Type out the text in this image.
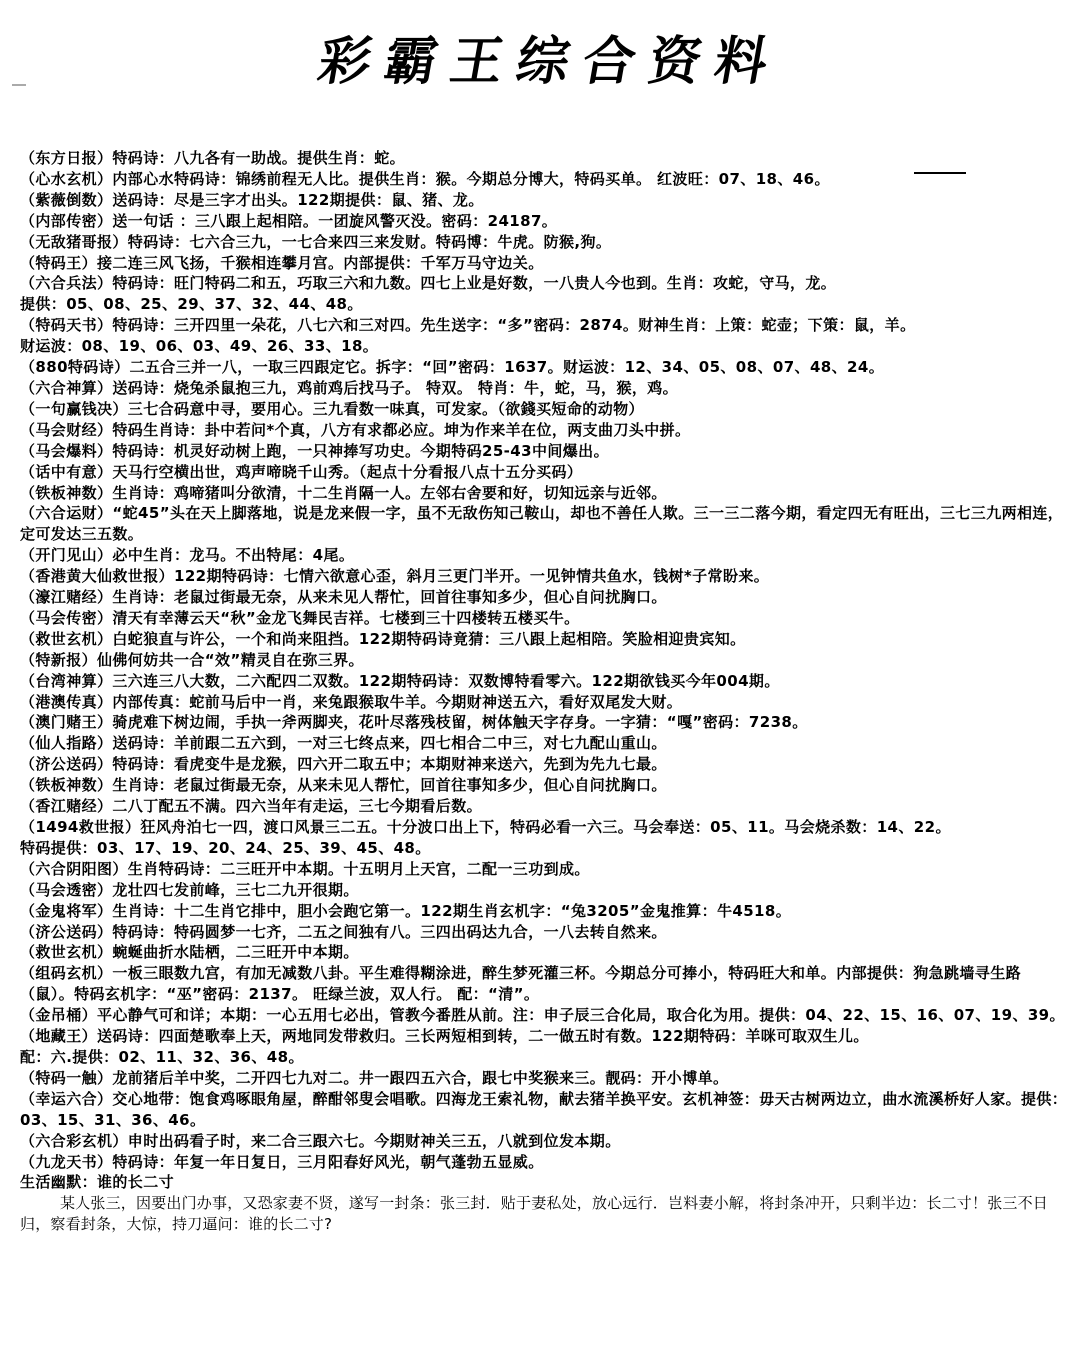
彩霸王综合资料
（东方日报）特码诗：八九各有一助战。提供生肖：蛇。
（心水玄机）内部心水特码诗：锦绣前程无人比。提供生肖：猴。今期总分博大，特码买单。 红波旺：07、18、46。
（紫薇倒数）送码诗：尽是三字才出头。122期提供：鼠、猪、龙。
（内部传密）送一句话 ：三八跟上起相陪。一团旋风警灭没。密码：24187。
（无敌猪哥报）特码诗：七六合三九，一七合来四三来发财。特码博：牛虎。防猴,狗。
（特码王）接二连三风飞扬，千猴相连攀月宫。内部提供：千军万马守边关。
（六合兵法）特码诗：旺门特码二和五，巧取三六和九数。四七上业是好数，一八贵人今也到。生肖：攻蛇，守马，龙。
提供：05、08、25、29、37、32、44、48。
（特码天书）特码诗：三开四里一朵花，八七六和三对四。先生送字：“多”密码：2874。财神生肖：上策：蛇壶；下策：鼠，羊。
财运波：08、19、06、03、49、26、33、18。
（880特码诗）二五合三并一八，一取三四跟定它。拆字：“回”密码：1637。财运波：12、34、05、08、07、48、24。
（六合神算）送码诗：烧兔杀鼠抱三九，鸡前鸡后找马子。 特双。 特肖：牛，蛇，马，猴，鸡。
（一句赢钱决）三七合码意中寻，要用心。三九看数一味真，可发家。（欲錢买短命的动物）
（马会财经）特码生肖诗：卦中若问*个真，八方有求都必应。坤为作来羊在位，两支曲刀头中拼。
（马会爆料）特码诗：机灵好动树上跑，一只神捧写功史。今期特码25-43中间爆出。
（话中有意）天马行空横出世，鸡声啼晓千山秀。（起点十分看报八点十五分买码）
（铁板神数）生肖诗：鸡啼猪叫分欲清，十二生肖隔一人。左邻右舍要和好，切知远亲与近邻。
（六合运财）“蛇45”头在天上脚落地，说是龙来假一字，虽不无敌伤知己鞍山，却也不善任人欺。三一三二落今期，看定四无有旺出，三七三九两相连，定可发达三五数。
（开门见山）必中生肖：龙马。不出特尾：4尾。
（香港黄大仙救世报）122期特码诗：七情六欲意心歪，斜月三更门半开。一见钟情共鱼水，钱树*子常盼来。
（濠江赌经）生肖诗：老鼠过街最无奈，从来未见人帮忙，回首往事知多少，但心自问扰胸口。
（马会传密）清天有幸薄云天“秋”金龙飞舞民吉祥。七楼到三十四楼转五楼买牛。
（救世玄机）白蛇狼直与许公，一个和尚来阻挡。122期特码诗竟猜：三八跟上起相陪。笑脸相迎贵宾知。
（特新报）仙佛何妨共一合“效”精灵自在弥三界。
（台湾神算）三六连三八大数，二六配四二双数。122期特码诗：双数博特看零六。122期欲钱买今年004期。
（港澳传真）内部传真：蛇前马后中一肖，来兔跟猴取牛羊。今期财神送五六，看好双尾发大财。
（澳门赌王）骑虎难下树边闹，手执一斧两脚夹，花叶尽落残枝留，树体触天字存身。一字猜：“嘎”密码：7238。
（仙人指路）送码诗：羊前跟二五六到，一对三七终点来，四七相合二中三，对七九配山重山。
（济公送码）特码诗：看虎变牛是龙猴，四六开二取五中；本期财神来送六，先到为先九七最。
（铁板神数）生肖诗：老鼠过街最无奈，从来未见人帮忙，回首往事知多少，但心自问扰胸口。
（香江赌经）二八丁配五不满。四六当年有走运，三七今期看后数。
（1494救世报）狂风舟泊七一四，渡口风景三二五。十分波口出上下，特码必看一六三。马会奉送：05、11。马会烧杀数：14、22。
特码提供：03、17、19、20、24、25、39、45、48。
（六合阴阳图）生肖特码诗：二三旺开中本期。十五明月上天宫，二配一三功到成。
（马会透密）龙壮四七发前峰，三七二九开很期。
（金鬼将军）生肖诗：十二生肖它排中，胆小会跑它第一。122期生肖玄机字：“兔3205”金鬼推算：牛4518。
（济公送码）特码诗：特码圆梦一七齐，二五之间独有八。三四出码达九合，一八去转自然来。
（救世玄机）蜿蜒曲折水陆栖，二三旺开中本期。
（组码玄机）一板三眼数九宫，有加无减数八卦。平生难得糊涂进，醉生梦死灌三杯。今期总分可捧小，特码旺大和单。内部提供：狗急跳墙寻生路（鼠）。特码玄机字：“巫”密码：2137。 旺绿兰波，双人行。 配：“清”。
（金吊桶）平心静气可和详；本期：一心五用七必出，管教今番胜从前。注：申子辰三合化局，取合化为用。提供：04、22、15、16、07、19、39。
（地藏王）送码诗：四面楚歌奉上天，两地同发带救归。三长两短相到转，二一做五时有数。122期特码：羊咪可取双生儿。
配：六.提供：02、11、32、36、48。
（特码一触）龙前猪后羊中奖，二开四七九对二。井一跟四五六合，跟七中奖猴来三。靓码：开小博单。
（幸运六合）交心地带：饱食鸡啄眼角屋，醉酣邻叟会唱歌。四海龙王索礼物，献去猪羊换平安。玄机神签：毋天古树两边立，曲水流溪桥好人家。提供：03、15、31、36、46。
（六合彩玄机）申时出码看子时，来二合三跟六七。今期财神关三五，八就到位发本期。
（九龙天书）特码诗：年复一年日复日，三月阳春好风光，朝气蓬勃五显威。
生活幽默：谁的长二寸
某人张三，因要出门办事，又恐家妻不贤，遂写一封条：张三封．贴于妻私处，放心远行．岂料妻小解，将封条冲开，只剩半边：长二寸！张三不日归，察看封条，大惊，持刀逼问：谁的长二寸?
